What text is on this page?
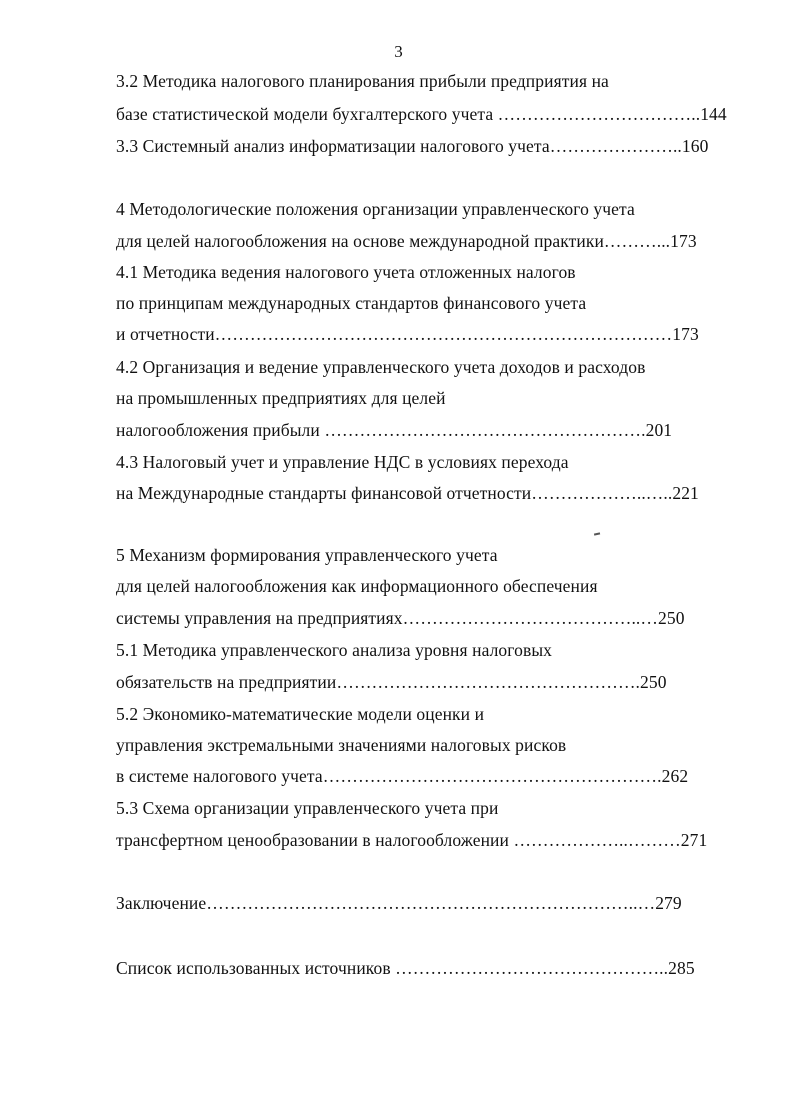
3
3.2 Методика налогового планирования прибыли предприятия на
базе статистической модели бухгалтерского учета ……………………………..144
3.3 Системный анализ информатизации налогового учета…………………..160
4 Методологические положения организации управленческого учета
для целей налогообложения на основе международной практики………...173
4.1 Методика ведения налогового учета отложенных налогов
по принципам международных стандартов финансового учета
и отчетности……………………………………………………………………173
4.2 Организация и ведение управленческого учета доходов и расходов
на промышленных предприятиях для целей
налогообложения прибыли ……………………………………………….201
4.3 Налоговый учет и управление НДС в условиях перехода
на Международные стандарты финансовой отчетности………………..…..221
5 Механизм формирования управленческого учета
для целей налогообложения как информационного обеспечения
системы управления на предприятиях…………………………………..…250
5.1 Методика управленческого анализа уровня налоговых
обязательств на предприятии…………………………………………….250
5.2 Экономико-математические модели оценки и
управления экстремальными значениями налоговых рисков
в системе налогового учета………………………………………………….262
5.3 Схема организации управленческого учета при
трансфертном ценообразовании в налогообложении ………………..………271
Заключение………………………………………………………………..…279
Список использованных источников ………………………………………..285
